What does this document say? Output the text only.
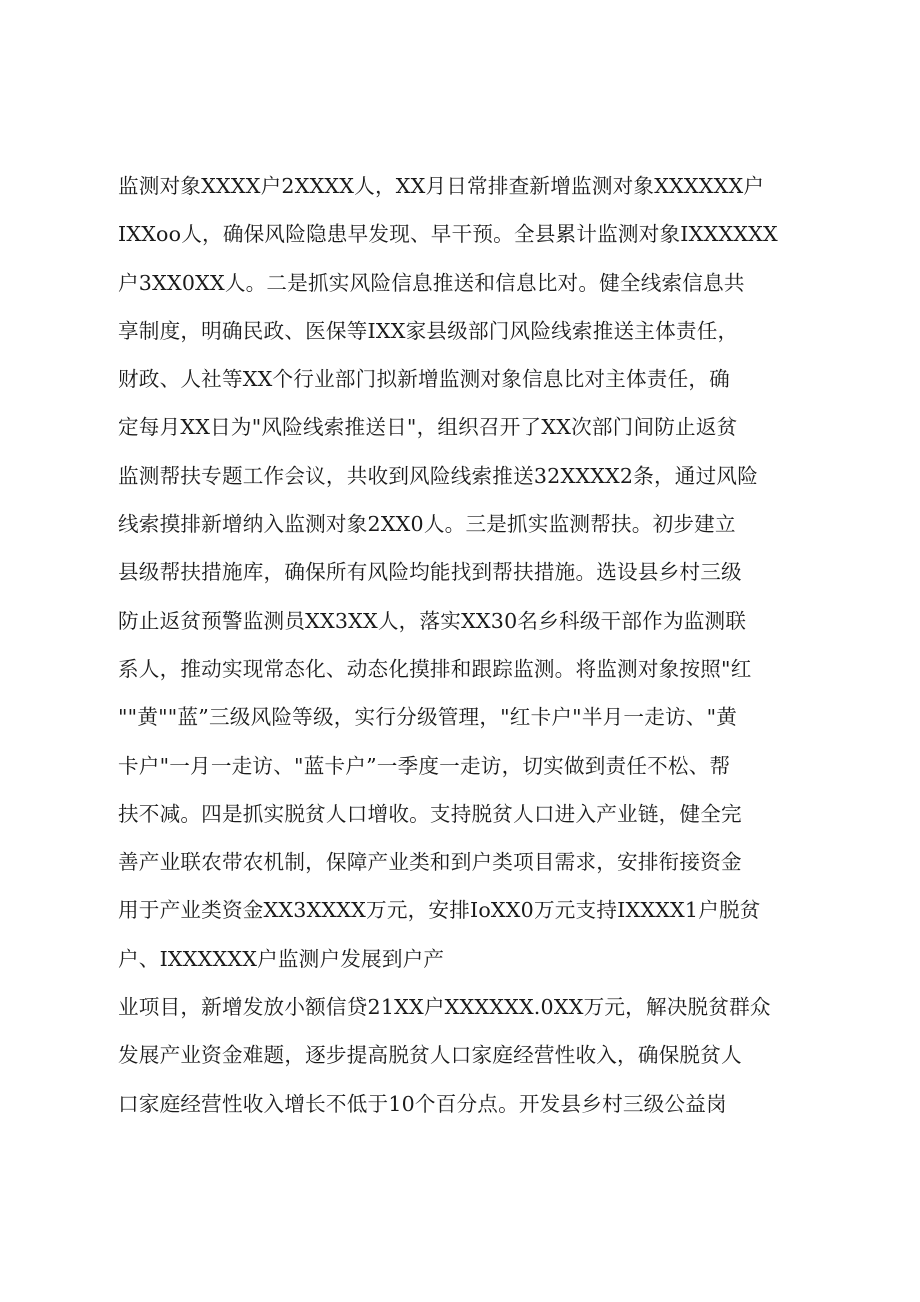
监测对象XXXX户2XXXX人，XX月日常排查新增监测对象XXXXXX户
IXXoo人，确保风险隐患早发现、早干预。全县累计监测对象IXXXXXX
户3XX0XX人。二是抓实风险信息推送和信息比对。健全线索信息共
享制度，明确民政、医保等IXX家县级部门风险线索推送主体责任，
财政、人社等XX个行业部门拟新增监测对象信息比对主体责任，确
定每月XX日为"风险线索推送日"，组织召开了XX次部门间防止返贫
监测帮扶专题工作会议，共收到风险线索推送32XXXX2条，通过风险
线索摸排新增纳入监测对象2XX0人。三是抓实监测帮扶。初步建立
县级帮扶措施库，确保所有风险均能找到帮扶措施。选设县乡村三级
防止返贫预警监测员XX3XX人，落实XX30名乡科级干部作为监测联
系人，推动实现常态化、动态化摸排和跟踪监测。将监测对象按照"红
""黄""蓝”三级风险等级，实行分级管理，"红卡户"半月一走访、"黄
卡户"一月一走访、"蓝卡户”一季度一走访，切实做到责任不松、帮
扶不减。四是抓实脱贫人口增收。支持脱贫人口进入产业链，健全完
善产业联农带农机制，保障产业类和到户类项目需求，安排衔接资金
用于产业类资金XX3XXXX万元，安排IoXX0万元支持IXXXX1户脱贫
户、IXXXXXX户监测户发展到户产
业项目，新增发放小额信贷21XX户XXXXXX.0XX万元，解决脱贫群众
发展产业资金难题，逐步提高脱贫人口家庭经营性收入，确保脱贫人
口家庭经营性收入增长不低于10个百分点。开发县乡村三级公益岗
